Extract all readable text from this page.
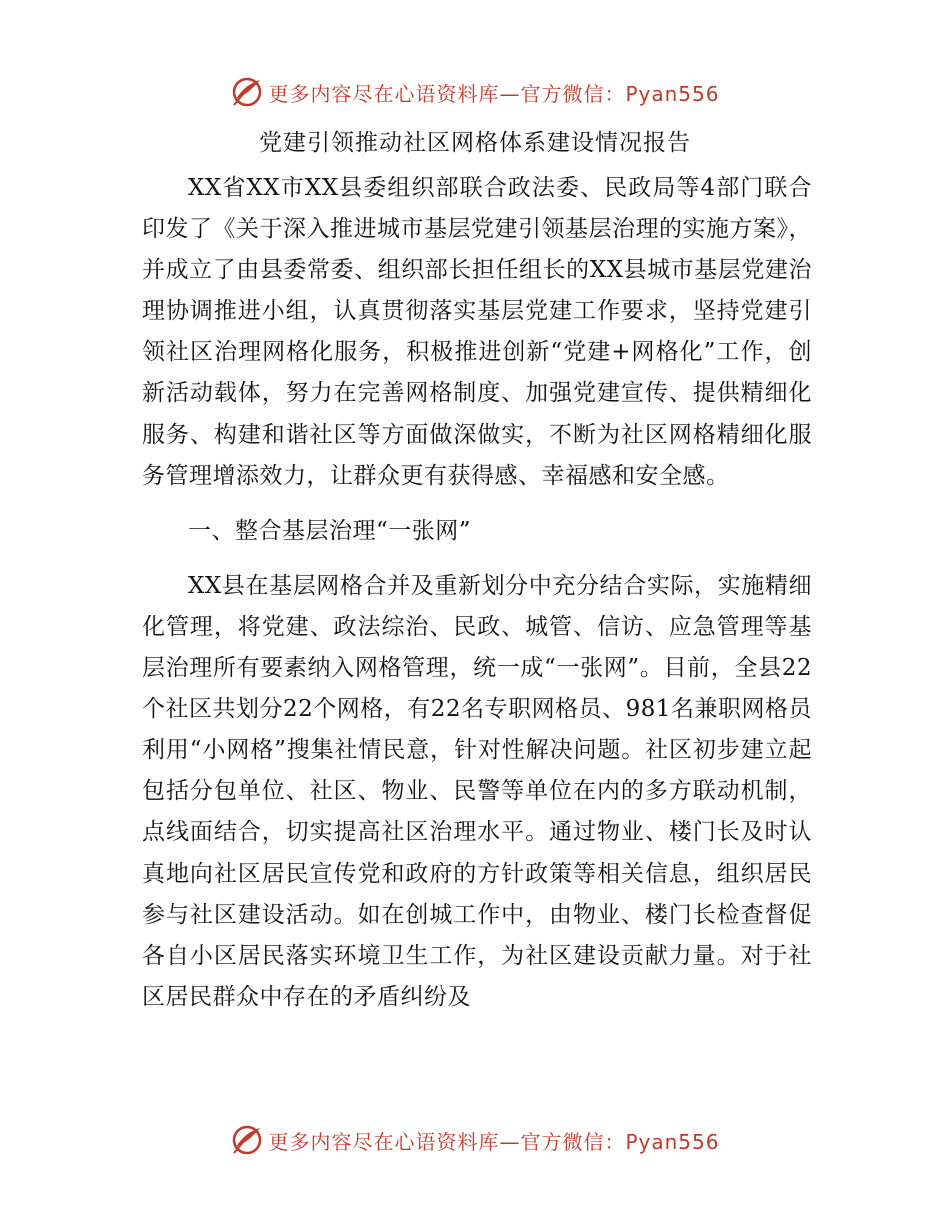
更多内容尽在心语资料库—官方微信：Pyan556
党建引领推动社区网格体系建设情况报告

XX省XX市XX县委组织部联合政法委、民政局等4部门联合印发了《关于深入推进城市基层党建引领基层治理的实施方案》，并成立了由县委常委、组织部长担任组长的XX县城市基层党建治理协调推进小组，认真贯彻落实基层党建工作要求，坚持党建引领社区治理网格化服务，积极推进创新“党建+网格化”工作，创新活动载体，努力在完善网格制度、加强党建宣传、提供精细化服务、构建和谐社区等方面做深做实，不断为社区网格精细化服务管理增添效力，让群众更有获得感、幸福感和安全感。

一、整合基层治理“一张网”

XX县在基层网格合并及重新划分中充分结合实际，实施精细化管理，将党建、政法综治、民政、城管、信访、应急管理等基层治理所有要素纳入网格管理，统一成“一张网”。目前，全县22个社区共划分22个网格，有22名专职网格员、981名兼职网格员利用“小网格”搜集社情民意，针对性解决问题。社区初步建立起包括分包单位、社区、物业、民警等单位在内的多方联动机制，点线面结合，切实提高社区治理水平。通过物业、楼门长及时认真地向社区居民宣传党和政府的方针政策等相关信息，组织居民参与社区建设活动。如在创城工作中，由物业、楼门长检查督促各自小区居民落实环境卫生工作，为社区建设贡献力量。对于社区居民群众中存在的矛盾纠纷及

更多内容尽在心语资料库—官方微信：Pyan556
